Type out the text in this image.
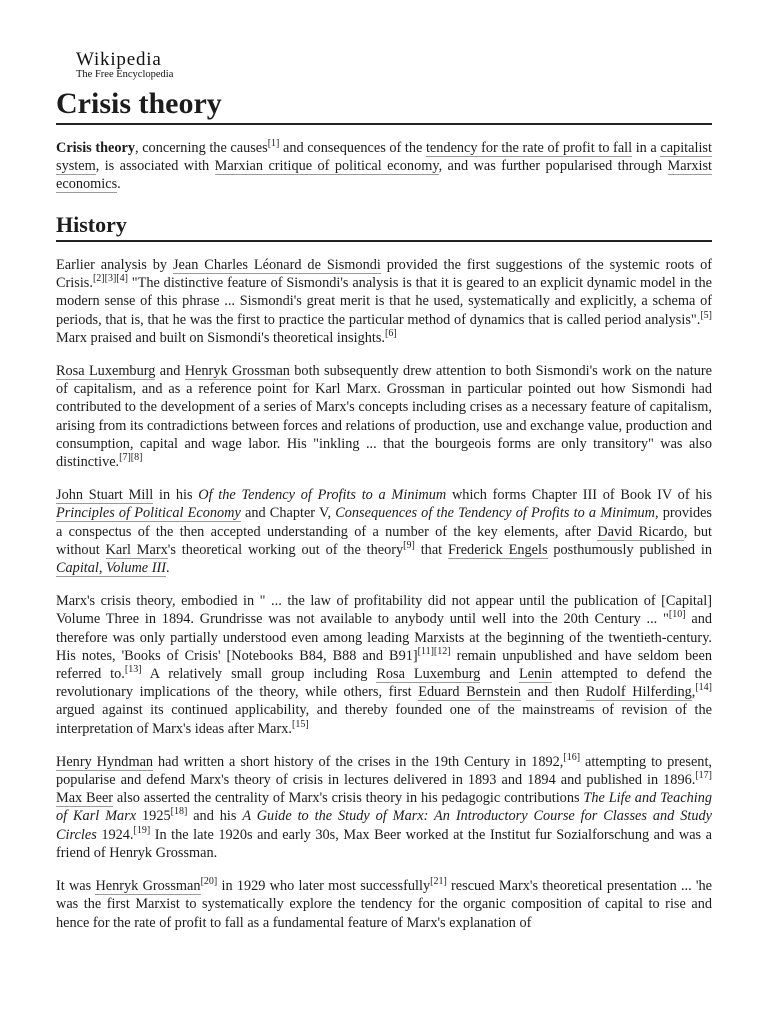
Wikipedia
The Free Encyclopedia
Crisis theory

Crisis theory, concerning the causes[1] and consequences of the tendency for the rate of profit to fall in a capitalist system, is associated with Marxian critique of political economy, and was further popularised through Marxist economics.

History

Earlier analysis by Jean Charles Léonard de Sismondi provided the first suggestions of the systemic roots of Crisis.[2][3][4] "The distinctive feature of Sismondi's analysis is that it is geared to an explicit dynamic model in the modern sense of this phrase ... Sismondi's great merit is that he used, systematically and explicitly, a schema of periods, that is, that he was the first to practice the particular method of dynamics that is called period analysis".[5] Marx praised and built on Sismondi's theoretical insights.[6]

Rosa Luxemburg and Henryk Grossman both subsequently drew attention to both Sismondi's work on the nature of capitalism, and as a reference point for Karl Marx. Grossman in particular pointed out how Sismondi had contributed to the development of a series of Marx's concepts including crises as a necessary feature of capitalism, arising from its contradictions between forces and relations of production, use and exchange value, production and consumption, capital and wage labor. His "inkling ... that the bourgeois forms are only transitory" was also distinctive.[7][8]

John Stuart Mill in his Of the Tendency of Profits to a Minimum which forms Chapter III of Book IV of his Principles of Political Economy and Chapter V, Consequences of the Tendency of Profits to a Minimum, provides a conspectus of the then accepted understanding of a number of the key elements, after David Ricardo, but without Karl Marx's theoretical working out of the theory[9] that Frederick Engels posthumously published in Capital, Volume III.

Marx's crisis theory, embodied in " ... the law of profitability did not appear until the publication of [Capital] Volume Three in 1894. Grundrisse was not available to anybody until well into the 20th Century ... "[10] and therefore was only partially understood even among leading Marxists at the beginning of the twentieth-century. His notes, 'Books of Crisis' [Notebooks B84, B88 and B91][11][12] remain unpublished and have seldom been referred to.[13] A relatively small group including Rosa Luxemburg and Lenin attempted to defend the revolutionary implications of the theory, while others, first Eduard Bernstein and then Rudolf Hilferding,[14] argued against its continued applicability, and thereby founded one of the mainstreams of revision of the interpretation of Marx's ideas after Marx.[15]

Henry Hyndman had written a short history of the crises in the 19th Century in 1892,[16] attempting to present, popularise and defend Marx's theory of crisis in lectures delivered in 1893 and 1894 and published in 1896.[17] Max Beer also asserted the centrality of Marx's crisis theory in his pedagogic contributions The Life and Teaching of Karl Marx 1925[18] and his A Guide to the Study of Marx: An Introductory Course for Classes and Study Circles 1924.[19] In the late 1920s and early 30s, Max Beer worked at the Institut fur Sozialforschung and was a friend of Henryk Grossman.

It was Henryk Grossman[20] in 1929 who later most successfully[21] rescued Marx's theoretical presentation ... 'he was the first Marxist to systematically explore the tendency for the organic composition of capital to rise and hence for the rate of profit to fall as a fundamental feature of Marx's explanation of
